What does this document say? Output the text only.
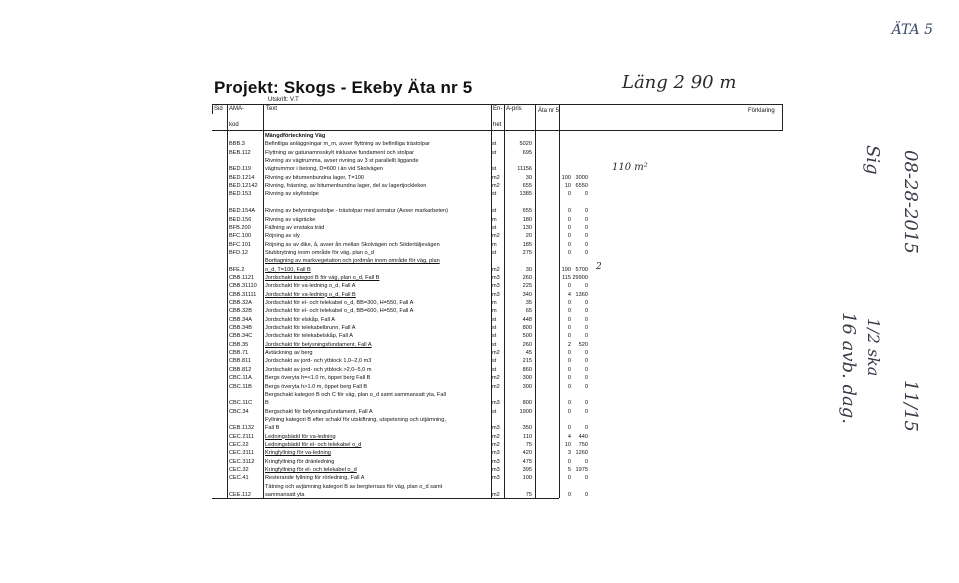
Projekt: Skogs - Ekeby Äta nr 5
Utskrift: V.T
Läng 2 90 m
ÄTA 5
110 m²
2
Sig 08-28-2015
16 avb. dag. 1/2 ska
11/15
Sid AMA-
kod
Text	En-
het
A-pris	Äta nr 5	Förklaring
Mängdförteckning Väg
BBB.3	Befintliga anläggningar m_m, avser flyttning av befintliga trästolpar	st	5020
BEB.112	Flyttning av gatunamnsskylt inklusive fundament och stolpar	st	695
Rivning av vägtrumma, avser rivning av 3 st parallellt liggande
BED.119	vägtrummor i betong, D=600 i än vid Skolvägen	st	11156
BED.1214	Rivning av bitumenbundna lager, T=100	m2	30	100 3000
BED.12142	Rivning, fräsning, av bitumenbundna lager, del av lagertjockleken	m2	655	10 6550
BED.153	Rivning av skyltstolpe	st	1385	0	0
BED.154A	Rivning av belysningsstolpe - trästolpar med armatur (Avser markarbeten)	st	655	0	0
BED.156	Rivning av vägräcke	m	180	0	0
BFB.200	Fällning av enstaka träd	st	130	0	0
BFC.100	Röjning av sly	m2	20	0	0
BFC.101	Röjning av av dike, å, avser ån mellan Skolvägen och Södertäljevägen	m	185	0	0
BFD.12	Stubbrytning inom område för väg, plan o_d	st	275	0	0
Borttagning av markvegetation och jordmån inom område för väg, plan
BFE.2	o_d, T=100, Fall B	m2	30	190 5700
CBB.1121	Jordschakt kategori B för väg, plan o_d, Fall B	m3	260	115 29900
CBB.31110	Jordschakt för va-ledning o_d, Fall A	m3	225	0	0
CBB.31111	Jordschakt för va-ledning o_d, Fall B	m3	340	4 1360
CBB.32A	Jordschakt för el- och telekabel o_d, BB=300, H=550, Fall A	m	35	0	0
CBB.32B	Jordschakt för el- och telekabel o_d, BB=600, H=550, Fall A	m	65	0	0
CBB.34A	Jordschakt för elskåp, Fall A	st	448	0	0
CBB.34B	Jordschakt för telekabelbrunn, Fall A	st	800	0	0
CBB.34C	Jordschakt för telekabelskåp, Fall A	st	500	0	0
CBB.35	Jordschakt för belysningsfundament, Fall A	st	260	2	520
CBB.71	Avtäckning av berg	m2	45	0	0
CBB.811	Jordschakt av jord- och ytblock 1,0–2,0 m3	st	215	0	0
CBB.812	Jordschakt av jord- och ytblock >2,0–5,0 m	st	860	0	0
CBC.11A	Bergs överyta h=<1.0 m, öppet berg Fall B	m2	300	0	0
CBC.11B	Bergs överyta h>1.0 m, öppet berg Fall B	m2	300	0	0
Bergschakt kategori B och C för väg, plan o_d samt sammansatt yta, Fall
CBC.11C	B	m3	800	0	0
CBC.34	Bergschakt för belysningsfundament, Fall A	st	1900	0	0
Fyllning kategori B efter schakt för utskiftning, utspetsning och utjämning,
CEB.1132	Fall B	m3	350	0	0
CEC.2111	Ledningsbädd för va-ledning	m2	110	4	440
CEC.22	Ledningsbädd för el- och telekabel o_d	m2	75	10	750
CEC.3111	Kringfyllning för va-ledning	m3	420	3 1260
CEC.3112	Kringfyllning för dränledning	m3	475	0	0
CEC.32	Kringfyllning för el- och telekabel o_d	m3	395	5 1975
CEC.41	Resterande fyllning för rörledning, Fall A	m3	100	0	0
Tätning och avjämning kategori B av bergterrass för väg, plan o_d samt
CEE.112	sammansatt yta	m2	75	0	0
